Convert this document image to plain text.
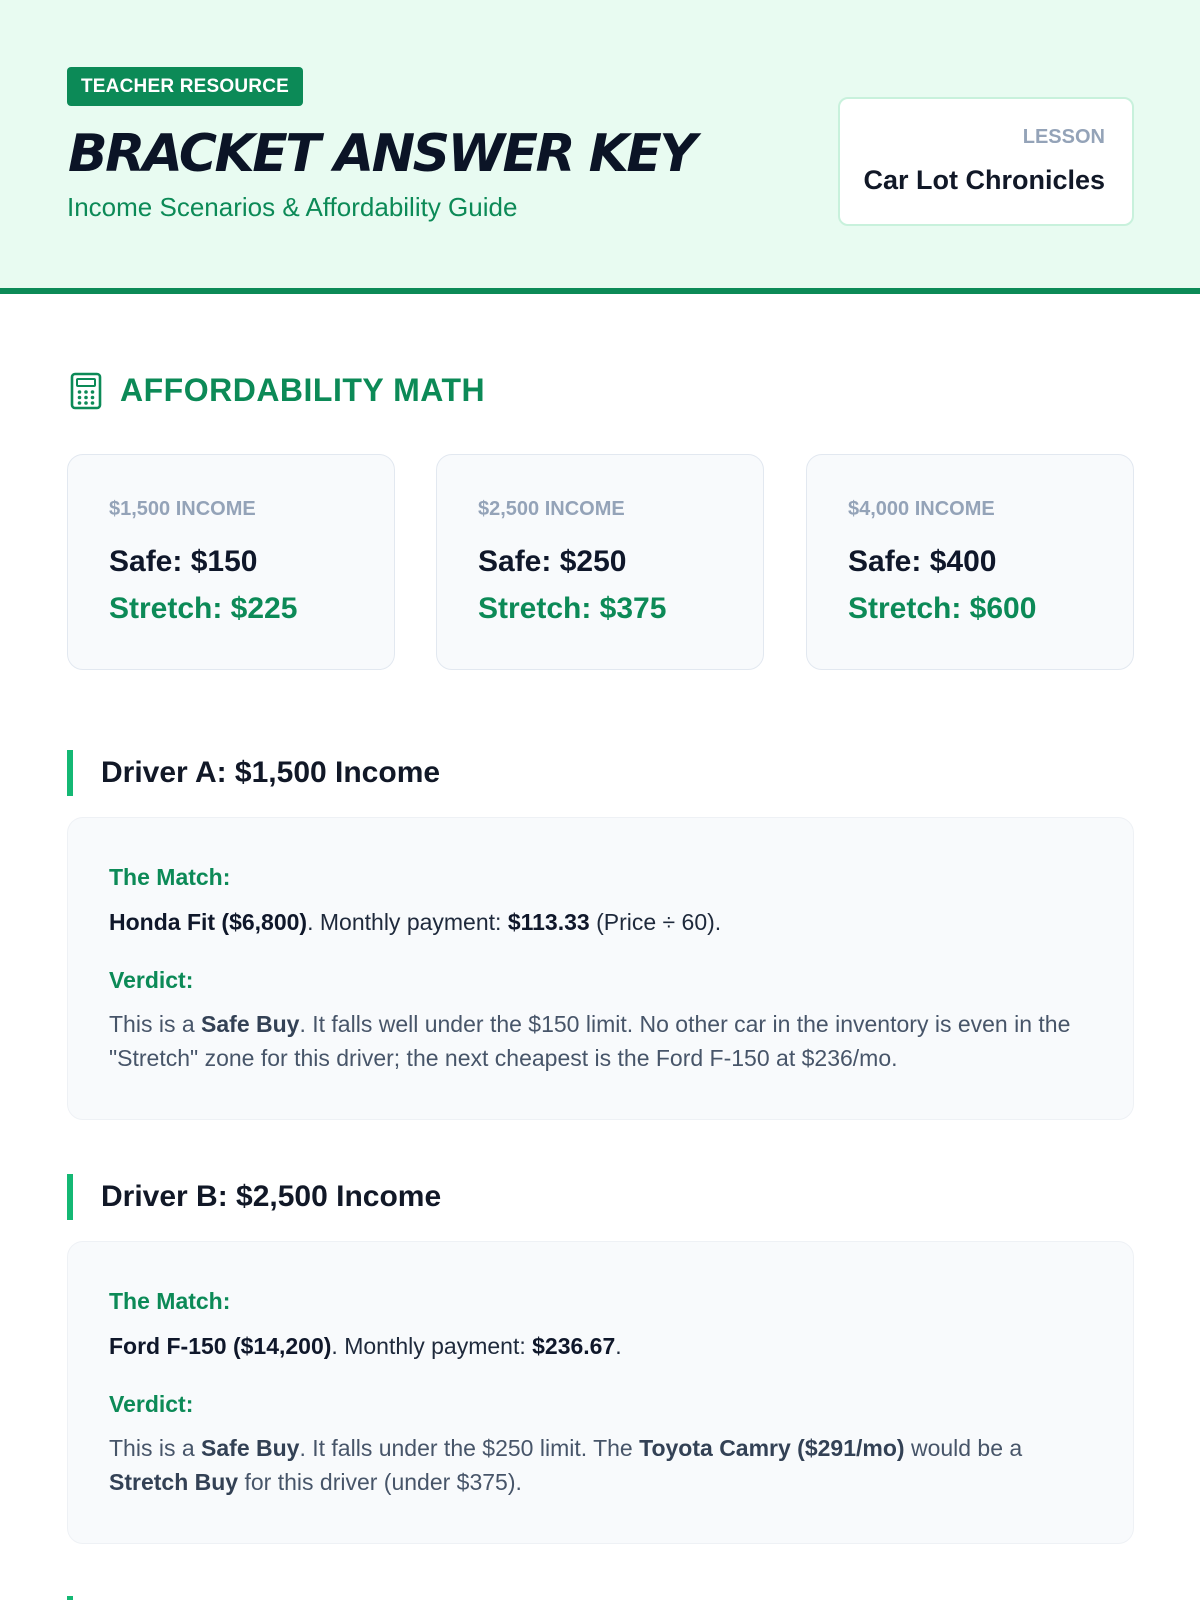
TEACHER RESOURCE
BRACKET ANSWER KEY
Income Scenarios & Affordability Guide
LESSON
Car Lot Chronicles
AFFORDABILITY MATH
$1,500 INCOME
Safe: $150
Stretch: $225
$2,500 INCOME
Safe: $250
Stretch: $375
$4,000 INCOME
Safe: $400
Stretch: $600
Driver A: $1,500 Income
The Match:
Honda Fit ($6,800). Monthly payment: $113.33 (Price ÷ 60).
Verdict:
This is a Safe Buy. It falls well under the $150 limit. No other car in the inventory is even in the "Stretch" zone for this driver; the next cheapest is the Ford F-150 at $236/mo.
Driver B: $2,500 Income
The Match:
Ford F-150 ($14,200). Monthly payment: $236.67.
Verdict:
This is a Safe Buy. It falls under the $250 limit. The Toyota Camry ($291/mo) would be a Stretch Buy for this driver (under $375).
